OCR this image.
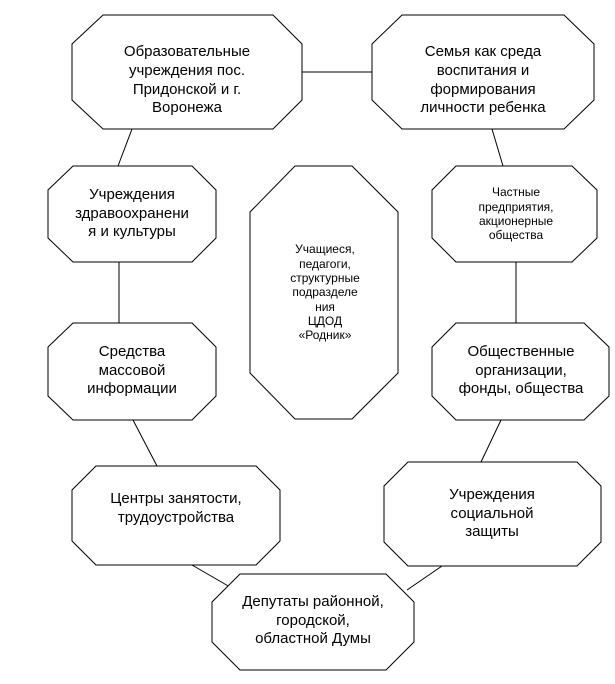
Образовательные
учреждения пос.
Придонской и г.
Воронежа
Семья как среда
воспитания и
формирования
личности ребенка
Учреждения
здравоохранени
я и культуры
Частные
предприятия,
акционерные
общества
Учащиеся,
педагоги,
структурные
подразделе
ния
ЦДОД
«Родник»
Средства
массовой
информации
Общественные
организации,
фонды, общества
Центры занятости,
трудоустройства
Учреждения
социальной
защиты
Депутаты районной,
городской,
областной Думы
